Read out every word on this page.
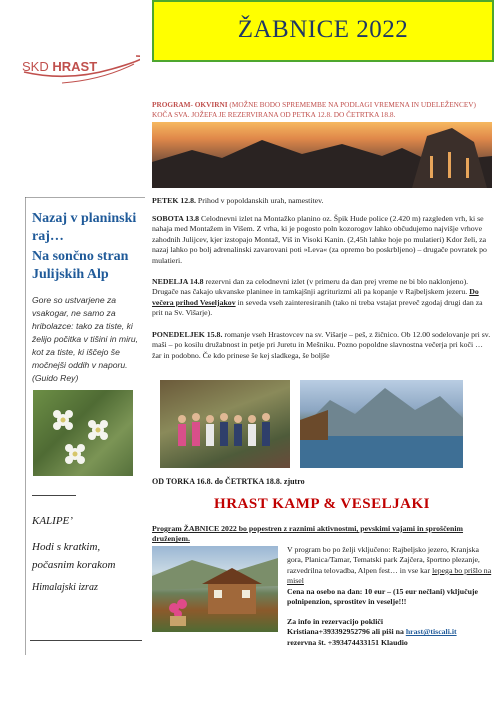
ŽABNICE 2022
SKD HRAST
Nazaj v planinski raj…
Na sončno stran Julijskih Alp
Gore so ustvarjene za vsakogar, ne samo za hribolazce: tako za tiste, ki želijo počitka v tišini in miru, kot za tiste, ki iščejo še močnejši oddih v naporu. (Guido Rey)
KALIPE’
Hodi s kratkim,
počasnim korakom
Himalajski izraz
PROGRAM- OKVIRNI (MOŽNE BODO SPREMEMBE NA PODLAGI VREMENA IN UDELEŽENCEV)
KOČA SVA. JOŽEFA JE REZERVIRANA OD PETKA 12.8. DO ČETRTKA 18.8.
PETEK 12.8. Prihod v popoldanskih urah, namestitev.
SOBOTA 13.8 Celodnevni izlet na Montažko planino oz. Špik Hude police (2.420 m) razgleden vrh, ki se nahaja med Montažem in Višem. Z vrha, ki je pogosto poln kozorogov lahko občudujemo najvišje vrhove zahodnih Julijcev, kjer izstopajo Montaž, Viš in Visoki Kanin. (2,45h lahke hoje po mulatieri) Kdor želi, za nazaj lahko po bolj adrenalinski zavarovani poti »Leva« (za opremo bo poskrbljeno) – drugače povratek po mulatieri.
NEDELJA 14.8 rezervni dan za celodnevni izlet (v primeru da dan prej vreme ne bi blo naklonjeno). Drugače nas čakajo ukvanske planinee in tamkajšnji agriturizmi ali pa kopanje v Rajbeljskem jezeru. Do večera prihod Veseljakov in seveda vseh zainteresiranih (tako ni treba vstajat preveč zgodaj drugi dan za prit na Sv. Višarje).
PONEDELJEK 15.8. romanje vseh Hrastovcev na sv. Višarje – peš, z žičnico. Ob 12.00 sodelovanje pri sv. maši – po kosilu družabnost in petje pri Juretu in Mešniku. Pozno popoldne slavnostna večerja pri koči …žar in podobno. Če kdo prinese še kej sladkega, še boljše
OD TORKA 16.8. do ČETRTKA 18.8. zjutro
HRAST KAMP & VESELJAKI
Program ŽABNICE 2022 bo popestren z raznimi aktivnostmi, pevskimi vajami in sproščenim druženjem.
V program bo po želji vključeno: Rajbeljsko jezero, Kranjska gora, Planica/Tamar, Tematski park Zajčera, športno plezanje, razvedrilna telovadba, Alpen fest… in vse kar lepega bo prišlo na misel
Cena na osebo na dan: 10 eur – (15 eur nečlani) vključuje polnipenzion, sprostitev in veselje!!!
Za info in rezervacijo pokliči
Kristiana+393392952796 ali piši na hrast@tiscali.it
rezervna št. +393474433151 Klaudio
